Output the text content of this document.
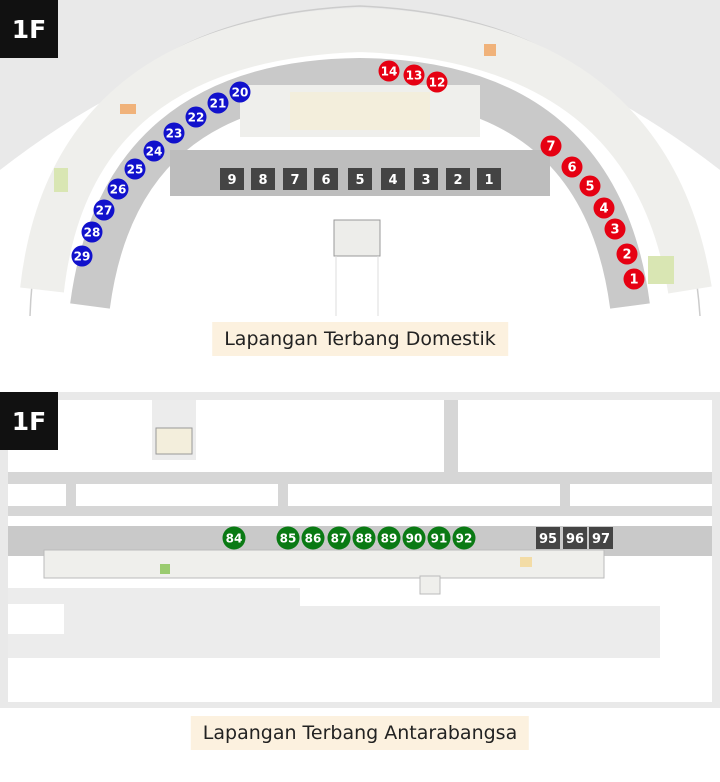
1
2
3
4
5
6
7
12
13
14
20
21
22
23
24
25
26
27
28
29
9 8 7 6 5 4 3 2 1
1F
Lapangan Terbang Domestik
84	85 86 87 88 89 90 91 92	95 96 97
1F
Lapangan Terbang Antarabangsa
